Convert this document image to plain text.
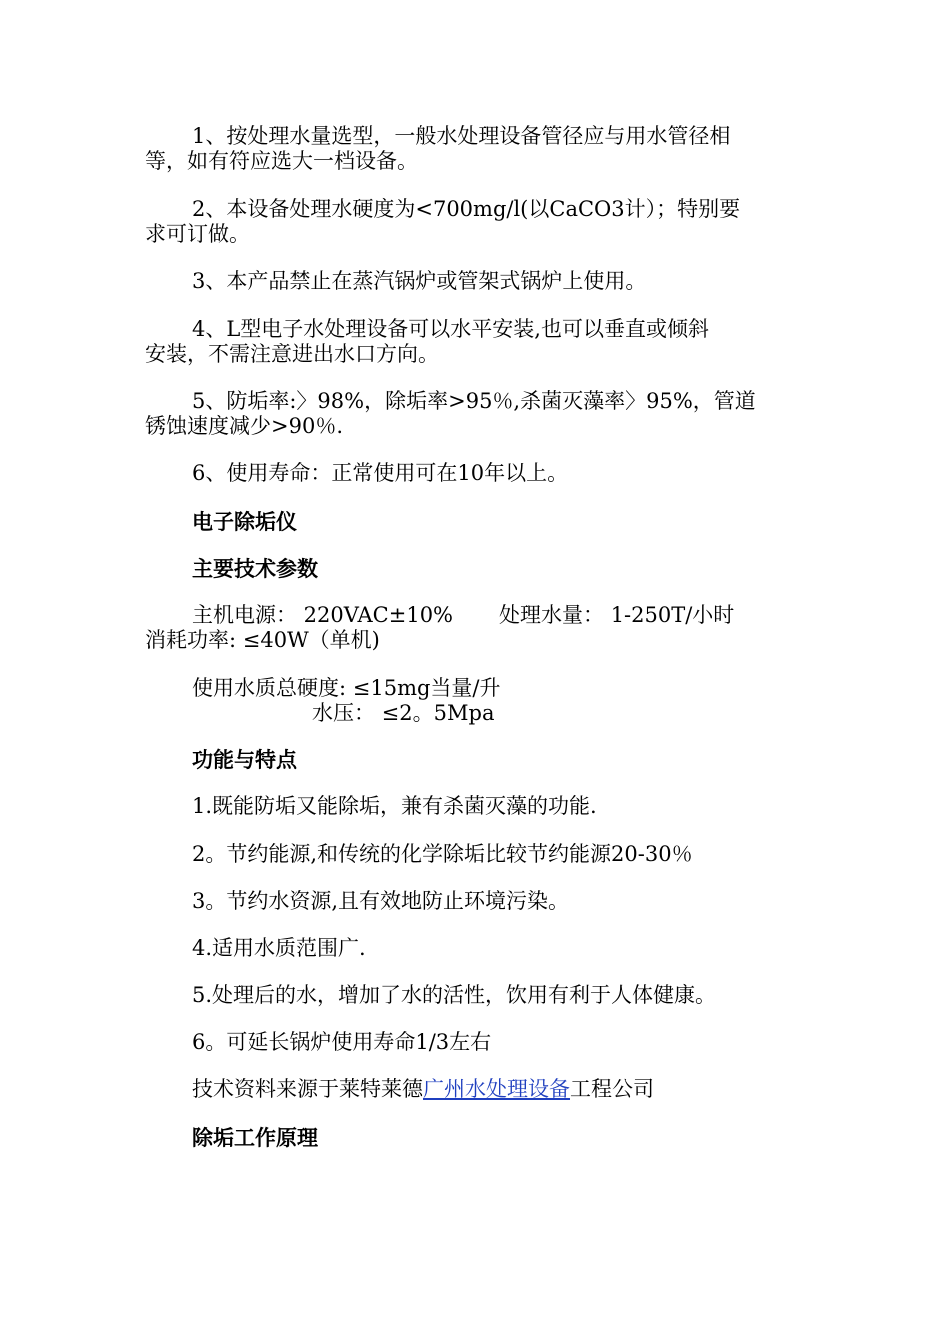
1、按处理水量选型，一般水处理设备管径应与用水管径相
等，如有符应选大一档设备。
2、本设备处理水硬度为<700mg/l(以CaCO3计）；特别要
求可订做。
3、本产品禁止在蒸汽锅炉或管架式锅炉上使用。
4、L型电子水处理设备可以水平安装,也可以垂直或倾斜
安装，不需注意进出水口方向。
5、防垢率:〉98%，除垢率>95％,杀菌灭藻率〉95%，管道
锈蚀速度减少>90％.
6、使用寿命：正常使用可在10年以上。
电子除垢仪
主要技术参数
主机电源： 220VAC±10% 处理水量： 1-250T/小时
消耗功率: ≤40W（单机)
使用水质总硬度: ≤15mg当量/升
水压： ≤2。5Mpa
功能与特点
1.既能防垢又能除垢，兼有杀菌灭藻的功能.
2。节约能源,和传统的化学除垢比较节约能源20-30％
3。节约水资源,且有效地防止环境污染。
4.适用水质范围广.
5.处理后的水，增加了水的活性，饮用有利于人体健康。
6。可延长锅炉使用寿命1/3左右
技术资料来源于莱特莱德广州水处理设备工程公司
除垢工作原理
